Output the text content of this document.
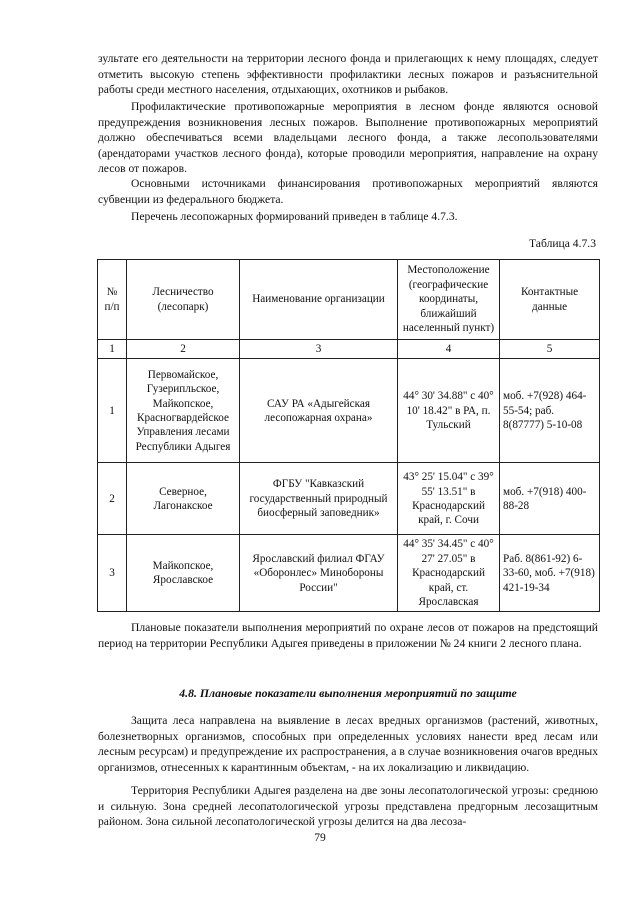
зультате его деятельности на территории лесного фонда и прилегающих к нему площадях, следует отметить высокую степень эффективности профилактики лесных пожаров и разъяснительной работы среди местного населения, отдыхающих, охотников и рыбаков.

Профилактические противопожарные мероприятия в лесном фонде являются основой предупреждения возникновения лесных пожаров. Выполнение противопожарных мероприятий должно обеспечиваться всеми владельцами лесного фонда, а также лесопользователями (арендаторами участков лесного фонда), которые проводили мероприятия, направление на охрану лесов от пожаров.

Основными источниками финансирования противопожарных мероприятий являются субвенции из федерального бюджета.

Перечень лесопожарных формирований приведен в таблице 4.7.3.

Таблица 4.7.3

№ п/п	Лесничество (лесопарк)	Наименование организации	Местоположение (географические координаты, ближайший населенный пункт)	Контактные данные
1	2	3	4	5
1	Первомайское, Гузерипльское, Майкопское, Красногвардейское Управления лесами Республики Адыгея	САУ РА «Адыгейская лесопожарная охрана»	44° 30' 34.88" с 40° 10' 18.42" в РА, п. Тульский	моб. +7(928) 464-55-54; раб. 8(87777) 5-10-08
2	Северное, Лагонакское	ФГБУ "Кавказский государственный природный биосферный заповедник»	43° 25' 15.04" с 39° 55' 13.51" в Краснодарский край, г. Сочи	моб. +7(918) 400-88-28
3	Майкопское, Ярославское	Ярославский филиал ФГАУ «Оборонлес» Минобороны России"	44° 35' 34.45" с 40° 27' 27.05" в Краснодарский край, ст. Ярославская	Раб. 8(861-92) 6-33-60, моб. +7(918) 421-19-34

Плановые показатели выполнения мероприятий по охране лесов от пожаров на предстоящий период на территории Республики Адыгея приведены в приложении № 24 книги 2 лесного плана.

4.8. Плановые показатели выполнения мероприятий по защите

Защита леса направлена на выявление в лесах вредных организмов (растений, животных, болезнетворных организмов, способных при определенных условиях нанести вред лесам или лесным ресурсам) и предупреждение их распространения, а в случае возникновения очагов вредных организмов, отнесенных к карантинным объектам, - на их локализацию и ликвидацию.

Территория Республики Адыгея разделена на две зоны лесопатологической угрозы: среднюю и сильную. Зона средней лесопатологической угрозы представлена предгорным лесозащитным районом. Зона сильной лесопатологической угрозы делится на два лесоза-

79
